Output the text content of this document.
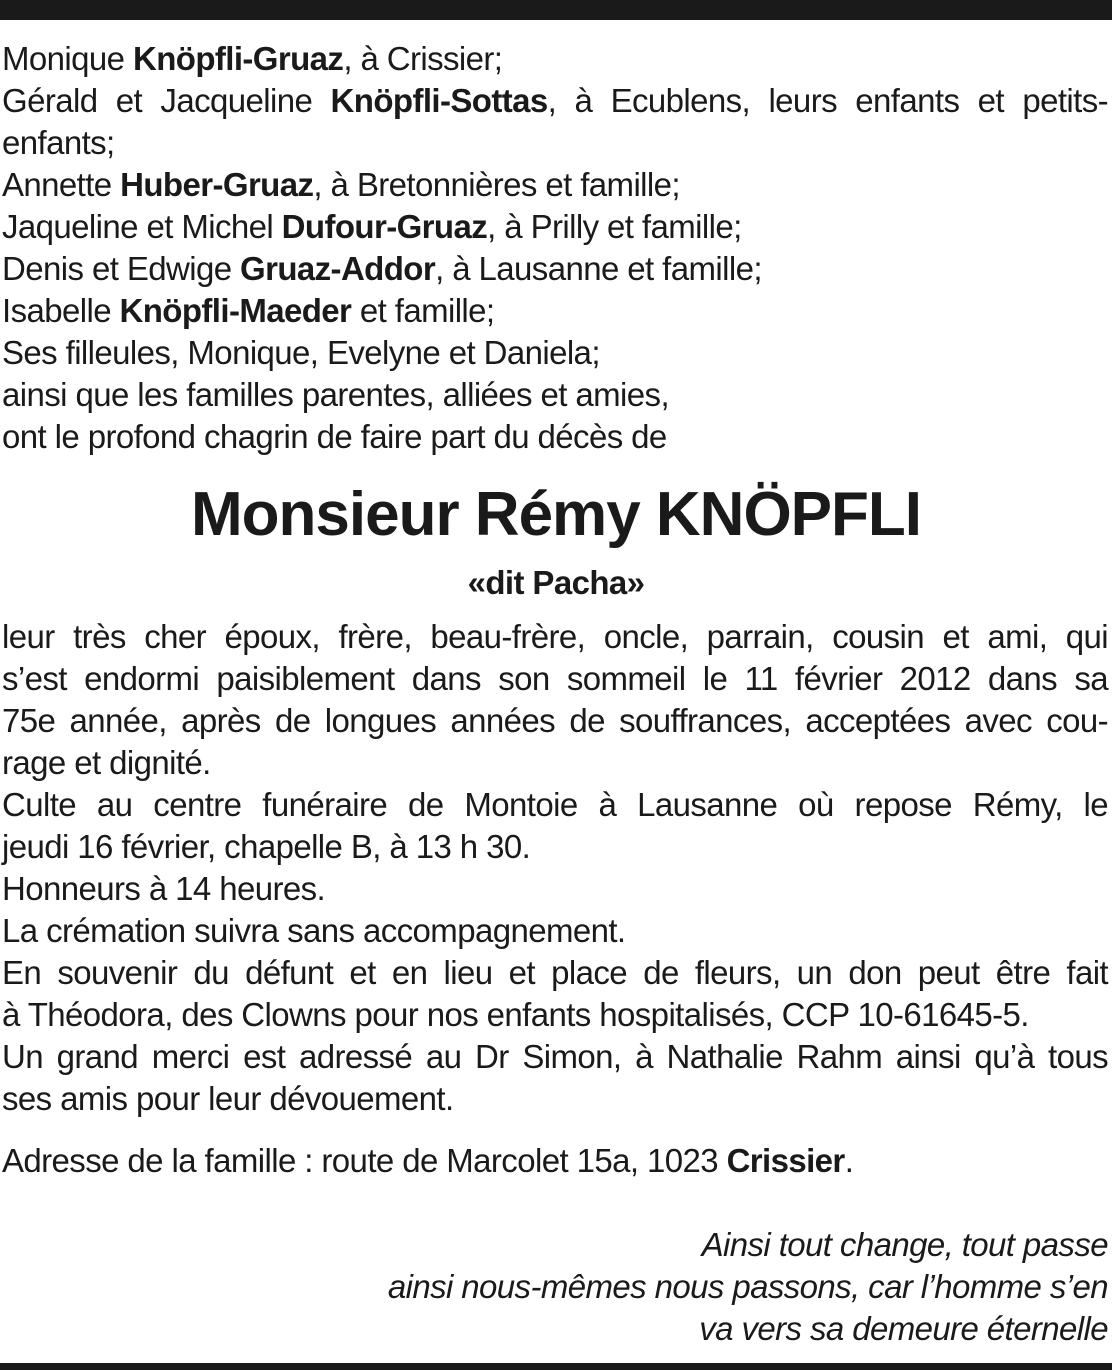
Monique Knöpfli-Gruaz, à Crissier;
Gérald et Jacqueline Knöpfli-Sottas, à Ecublens, leurs enfants et petits-
enfants;
Annette Huber-Gruaz, à Bretonnières et famille;
Jaqueline et Michel Dufour-Gruaz, à Prilly et famille;
Denis et Edwige Gruaz-Addor, à Lausanne et famille;
Isabelle Knöpfli-Maeder et famille;
Ses filleules, Monique, Evelyne et Daniela;
ainsi que les familles parentes, alliées et amies,
ont le profond chagrin de faire part du décès de
Monsieur Rémy KNÖPFLI
«dit Pacha»
leur très cher époux, frère, beau-frère, oncle, parrain, cousin et ami, qui
s’est endormi paisiblement dans son sommeil le 11 février 2012 dans sa
75e année, après de longues années de souffrances, acceptées avec cou-
rage et dignité.
Culte au centre funéraire de Montoie à Lausanne où repose Rémy, le
jeudi 16 février, chapelle B, à 13 h 30.
Honneurs à 14 heures.
La crémation suivra sans accompagnement.
En souvenir du défunt et en lieu et place de fleurs, un don peut être fait
à Théodora, des Clowns pour nos enfants hospitalisés, CCP 10-61645-5.
Un grand merci est adressé au Dr Simon, à Nathalie Rahm ainsi qu’à tous
ses amis pour leur dévouement.
Adresse de la famille : route de Marcolet 15a, 1023 Crissier.
Ainsi tout change, tout passe
ainsi nous-mêmes nous passons, car l’homme s’en
va vers sa demeure éternelle
